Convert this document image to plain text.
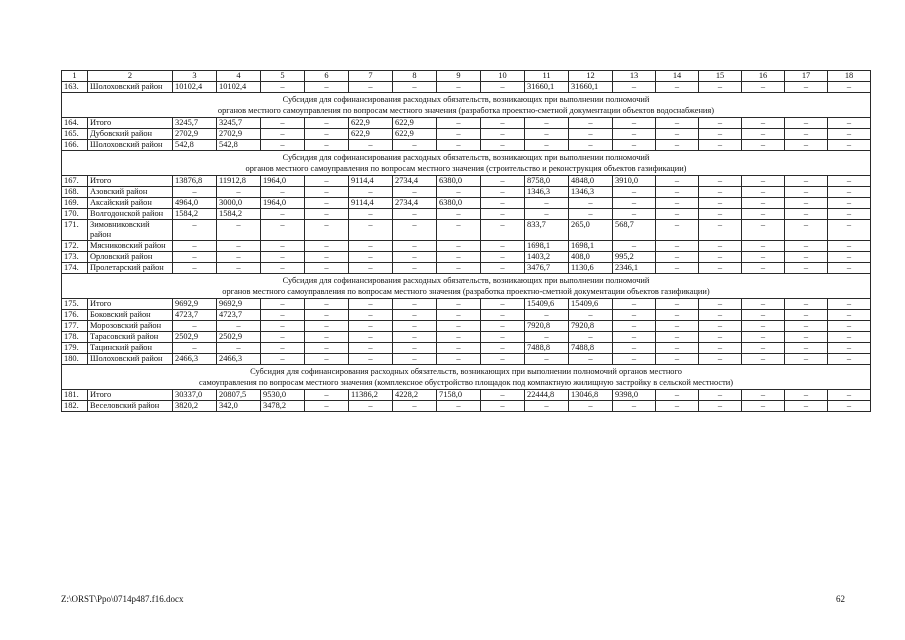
1	2	3	4	5	6	7	8	9	10	11	12	13	14	15	16	17	18
163.	Шолоховский район	10102,4	10102,4	–	–	–	–	–	–	31660,1	31660,1	–	–	–	–	–	–

Субсидия для софинансирования расходных обязательств, возникающих при выполнении полномочий
органов местного самоуправления по вопросам местного значения (разработка проектно-сметной документации объектов водоснабжения)																	

164.	Итого	3245,7	3245,7	–	–	622,9	622,9	–	–	–	–	–	–	–	–	–	–
165.	Дубовский район	2702,9	2702,9	–	–	622,9	622,9	–	–	–	–	–	–	–	–	–	–
166.	Шолоховский район	542,8	542,8	–	–	–	–	–	–	–	–	–	–	–	–	–	–

Субсидия для софинансирования расходных обязательств, возникающих при выполнении полномочий
органов местного самоуправления по вопросам местного значения (строительство и реконструкция объектов газификации)																	

167.	Итого	13876,8	11912,8	1964,0	–	9114,4	2734,4	6380,0	–	8758,0	4848,0	3910,0	–	–	–	–	–
168.	Азовский район	–	–	–	–	–	–	–	–	1346,3	1346,3	–	–	–	–	–	–
169.	Аксайский район	4964,0	3000,0	1964,0	–	9114,4	2734,4	6380,0	–	–	–	–	–	–	–	–	–
170.	Волгодонской район	1584,2	1584,2	–	–	–	–	–	–	–	–	–	–	–	–	–	–
171.	Зимовниковский район	–	–	–	–	–	–	–	–	833,7	265,0	568,7	–	–	–	–	–
172.	Мясниковский район	–	–	–	–	–	–	–	–	1698,1	1698,1	–	–	–	–	–	–
173.	Орловский район	–	–	–	–	–	–	–	–	1403,2	408,0	995,2	–	–	–	–	–
174.	Пролетарский район	–	–	–	–	–	–	–	–	3476,7	1130,6	2346,1	–	–	–	–	–

Субсидия для софинансирования расходных обязательств, возникающих при выполнении полномочий
органов местного самоуправления по вопросам местного значения (разработка проектно-сметной документации объектов газификации)																	

175.	Итого	9692,9	9692,9	–	–	–	–	–	–	15409,6	15409,6	–	–	–	–	–	–
176.	Боковский район	4723,7	4723,7	–	–	–	–	–	–	–	–	–	–	–	–	–	–
177.	Морозовский район	–	–	–	–	–	–	–	–	7920,8	7920,8	–	–	–	–	–	–
178.	Тарасовский район	2502,9	2502,9	–	–	–	–	–	–	–	–	–	–	–	–	–	–
179.	Тацинский район	–	–	–	–	–	–	–	–	7488,8	7488,8	–	–	–	–	–	–
180.	Шолоховский район	2466,3	2466,3	–	–	–	–	–	–	–	–	–	–	–	–	–	–

Субсидия для софинансирования расходных обязательств, возникающих при выполнении полномочий органов местного
самоуправления по вопросам местного значения (комплексное обустройство площадок под компактную жилищную застройку в сельской местности)																	

181.	Итого	30337,0	20807,5	9530,0	–	11386,2	4228,2	7158,0	–	22444,8	13046,8	9398,0	–	–	–	–	–
182.	Веселовский район	3820,2	342,0	3478,2	–	–	–	–	–	–	–	–	–	–	–	–	–
Z:\ORST\Ppo\0714p487.f16.docx	62
